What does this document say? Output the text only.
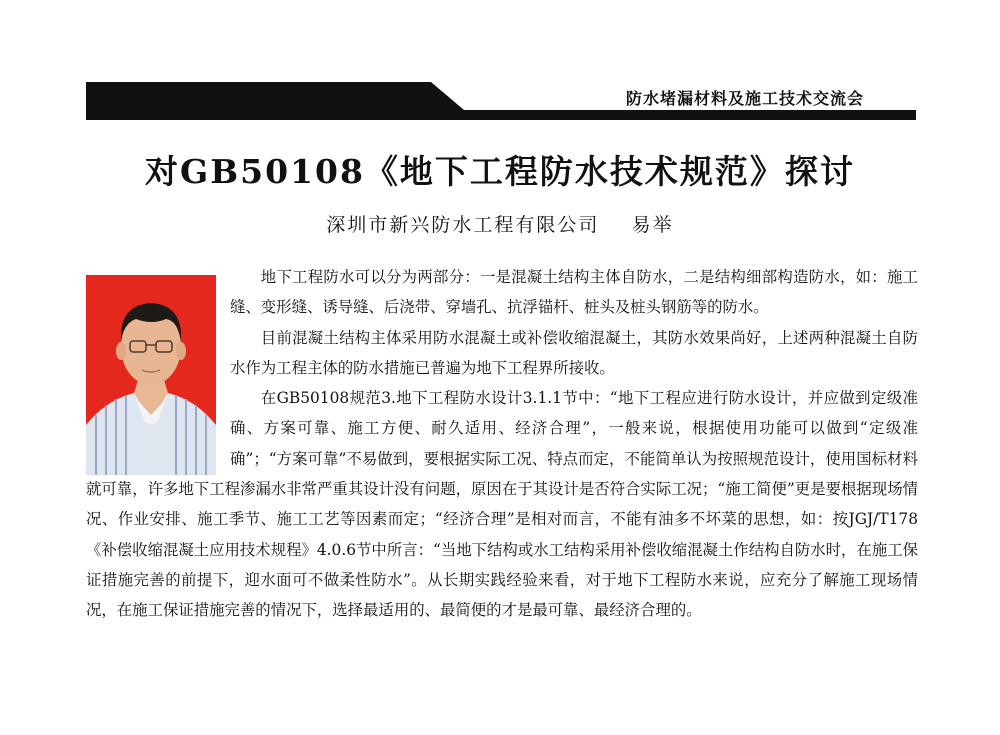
防水堵漏材料及施工技术交流会
对GB50108《地下工程防水技术规范》探讨
深圳市新兴防水工程有限公司    易举

地下工程防水可以分为两部分：一是混凝土结构主体自防水，二是结构细部构造防水，如：施工缝、变形缝、诱导缝、后浇带、穿墙孔、抗浮锚杆、桩头及桩头钢筋等的防水。

目前混凝土结构主体采用防水混凝土或补偿收缩混凝土，其防水效果尚好，上述两种混凝土自防水作为工程主体的防水措施已普遍为地下工程界所接收。

在GB50108规范3.地下工程防水设计3.1.1节中：“地下工程应进行防水设计，并应做到定级准确、方案可靠、施工方便、耐久适用、经济合理”，一般来说，根据使用功能可以做到“定级准确”；“方案可靠”不易做到，要根据实际工况、特点而定，不能简单认为按照规范设计，使用国标材料就可靠，许多地下工程渗漏水非常严重其设计没有问题，原因在于其设计是否符合实际工况；“施工简便”更是要根据现场情况、作业安排、施工季节、施工工艺等因素而定；“经济合理”是相对而言，不能有油多不坏菜的思想，如：按JGJ/T178《补偿收缩混凝土应用技术规程》4.0.6节中所言：“当地下结构或水工结构采用补偿收缩混凝土作结构自防水时，在施工保证措施完善的前提下，迎水面可不做柔性防水”。从长期实践经验来看，对于地下工程防水来说，应充分了解施工现场情况，在施工保证措施完善的情况下，选择最适用的、最简便的才是最可靠、最经济合理的。
